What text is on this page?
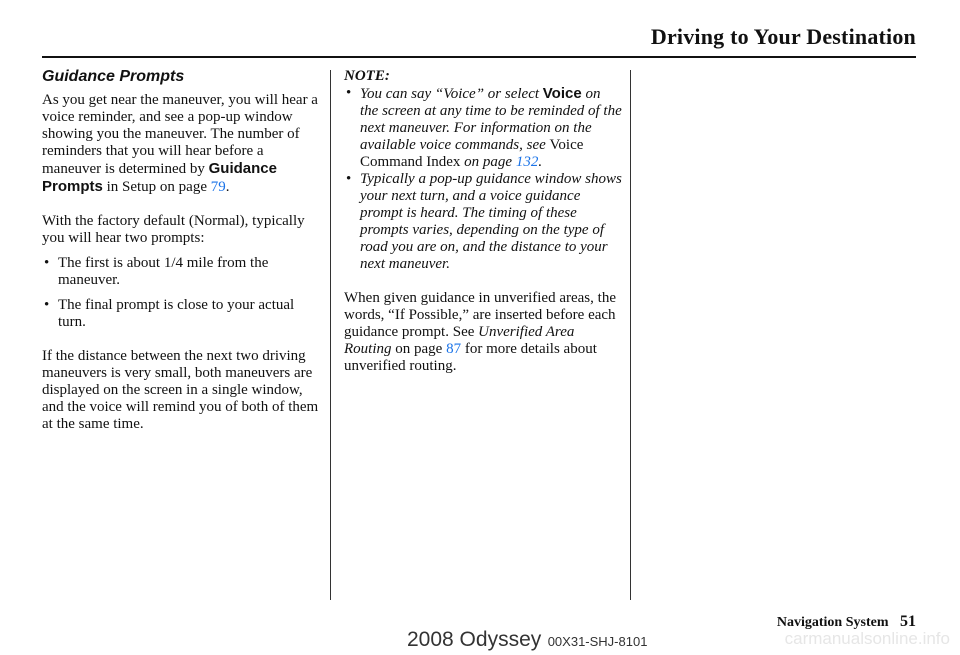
Driving to Your Destination
Guidance Prompts

As you get near the maneuver, you will hear a voice reminder, and see a pop-up window showing you the maneuver. The number of reminders that you will hear before a maneuver is determined by Guidance Prompts in Setup on page 79.

With the factory default (Normal), typically you will hear two prompts:

• The first is about 1/4 mile from the maneuver.
• The final prompt is close to your actual turn.

If the distance between the next two driving maneuvers is very small, both maneuvers are displayed on the screen in a single window, and the voice will remind you of both of them at the same time.

NOTE:
• You can say “Voice” or select Voice on the screen at any time to be reminded of the next maneuver. For information on the available voice commands, see Voice Command Index on page 132.
• Typically a pop-up guidance window shows your next turn, and a voice guidance prompt is heard. The timing of these prompts varies, depending on the type of road you are on, and the distance to your next maneuver.

When given guidance in unverified areas, the words, “If Possible,” are inserted before each guidance prompt. See Unverified Area Routing on page 87 for more details about unverified routing.

Navigation System 51
2008 Odyssey 00X31-SHJ-8101	carmanualsonline.info
